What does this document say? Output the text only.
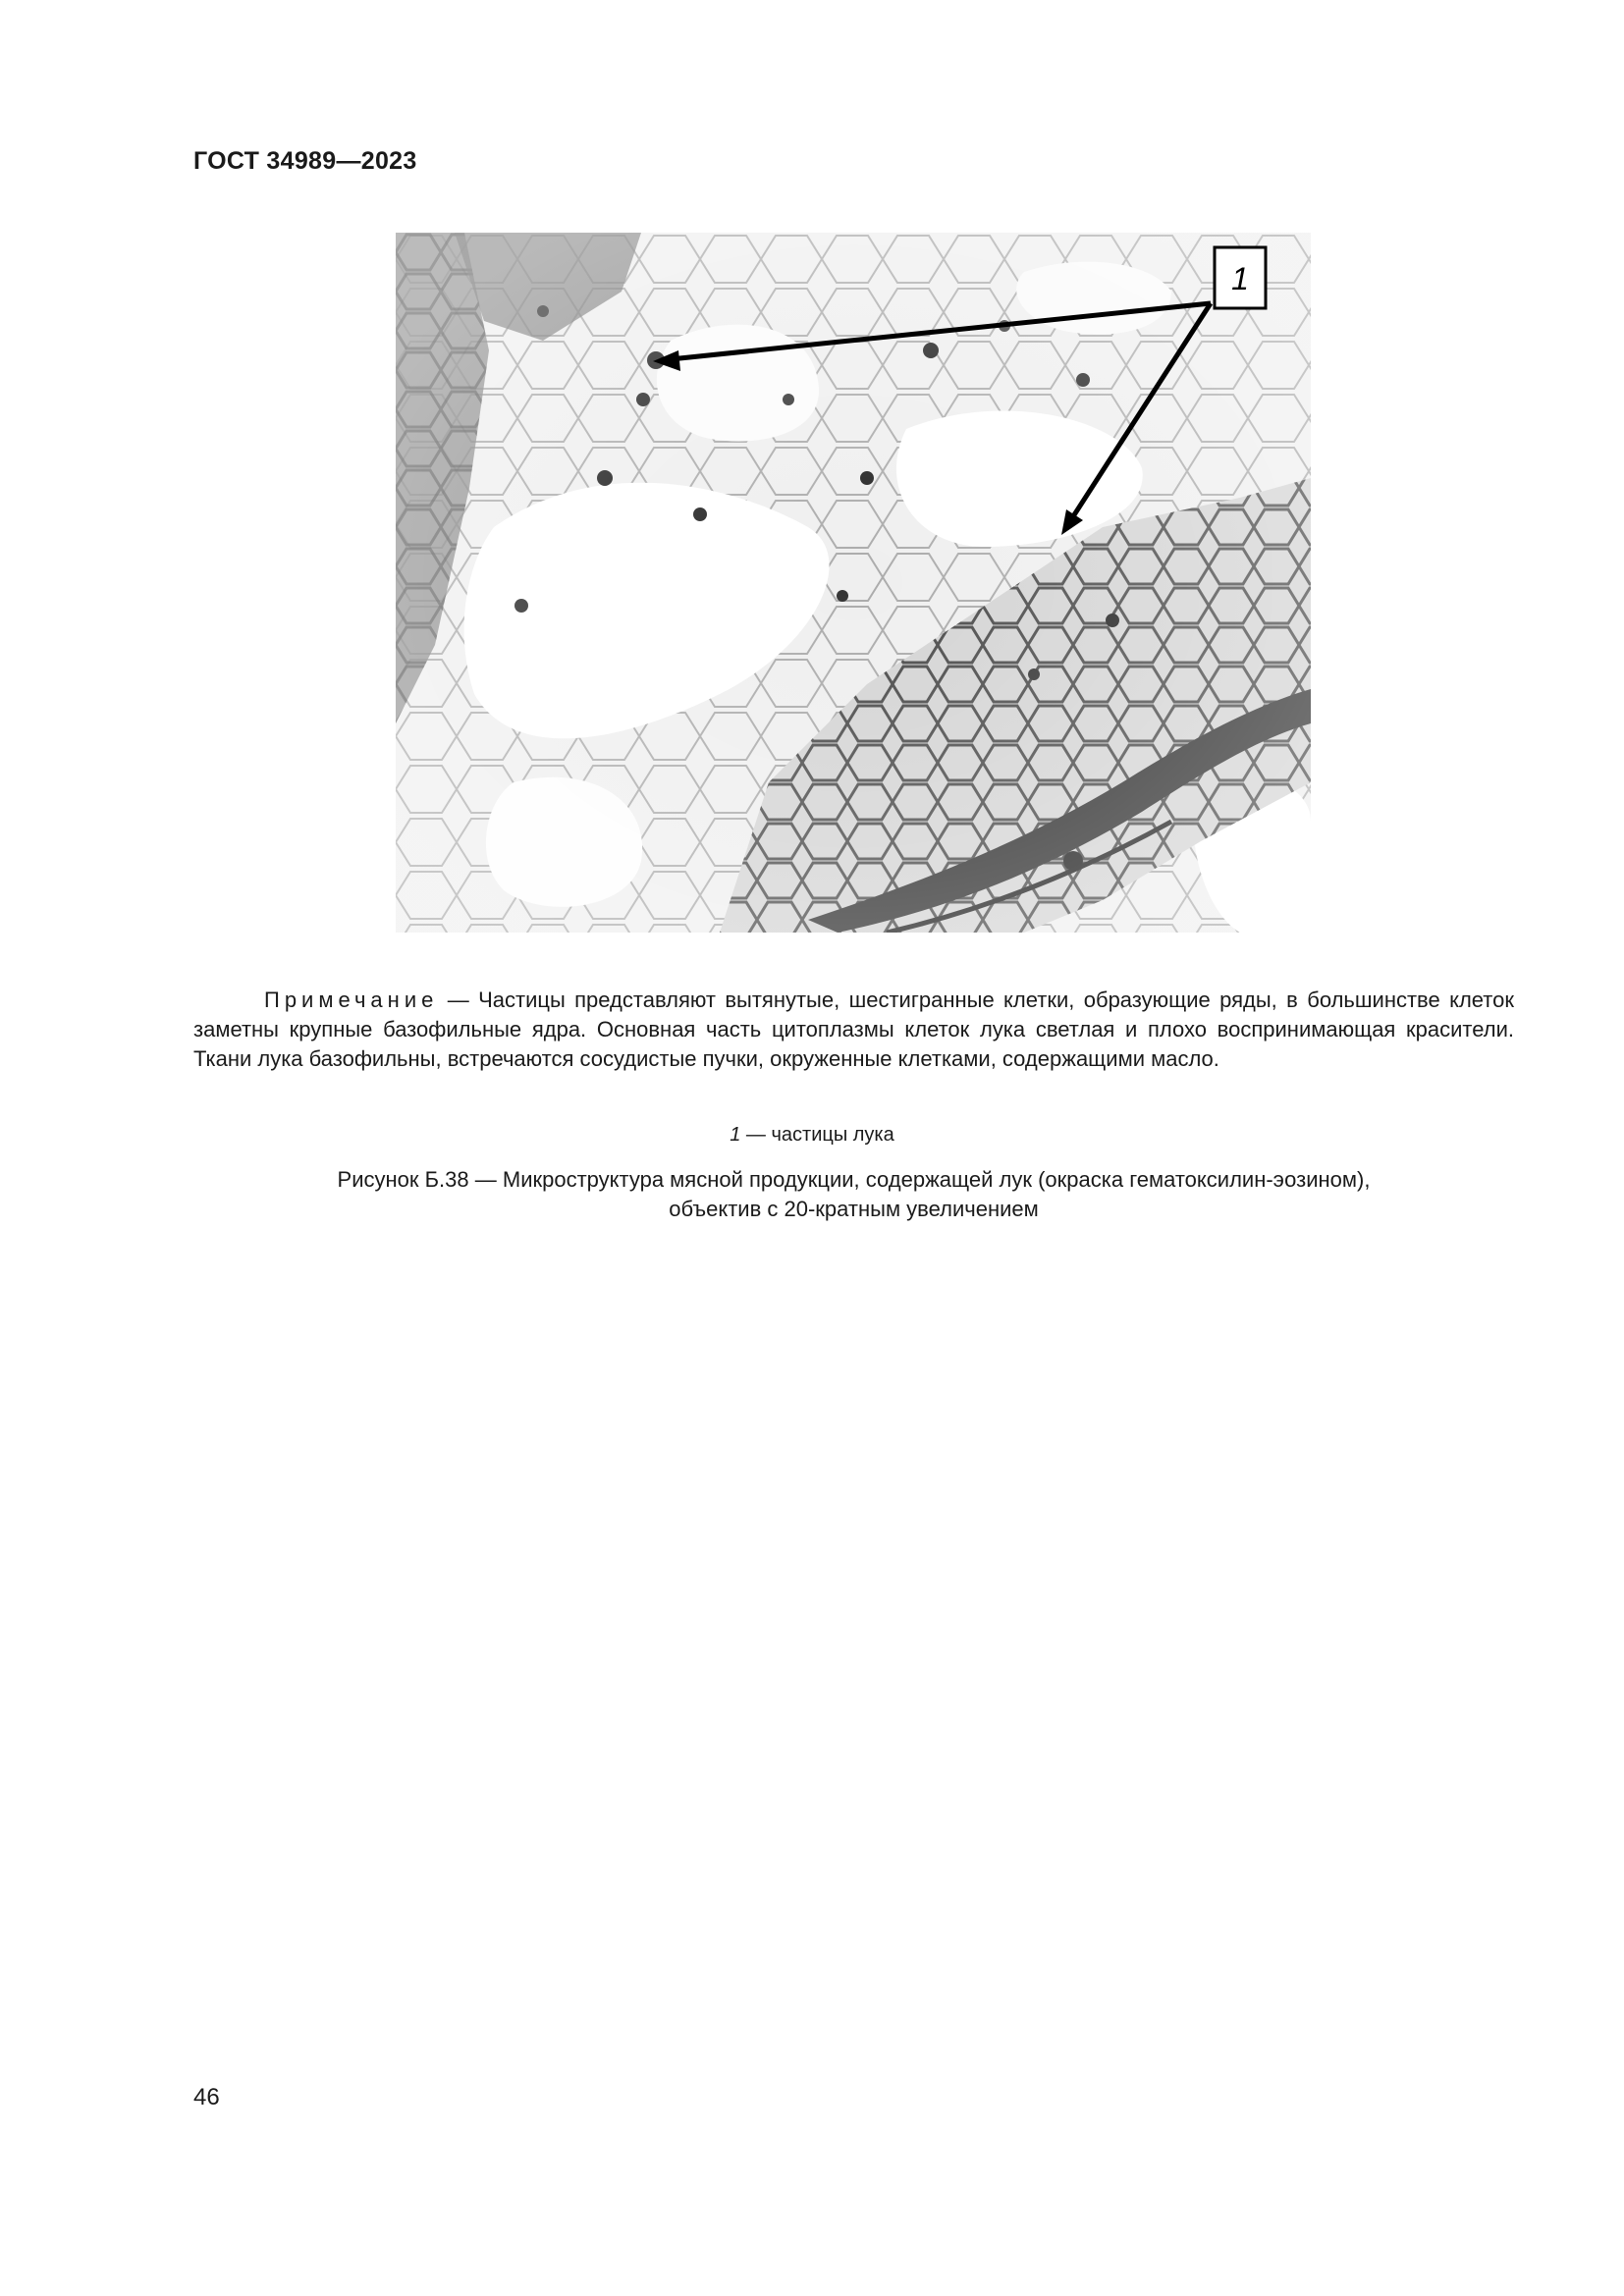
ГОСТ 34989—2023
1
Примечание — Частицы представляют вытянутые, шестигранные клетки, образующие ряды, в большинстве клеток заметны крупные базофильные ядра. Основная часть цитоплазмы клеток лука светлая и плохо воспринимающая красители. Ткани лука базофильны, встречаются сосудистые пучки, окруженные клетками, содержащими масло.
1 — частицы лука
Рисунок Б.38 — Микроструктура мясной продукции, содержащей лук (окраска гематоксилин-эозином),
объектив с 20-кратным увеличением
46
